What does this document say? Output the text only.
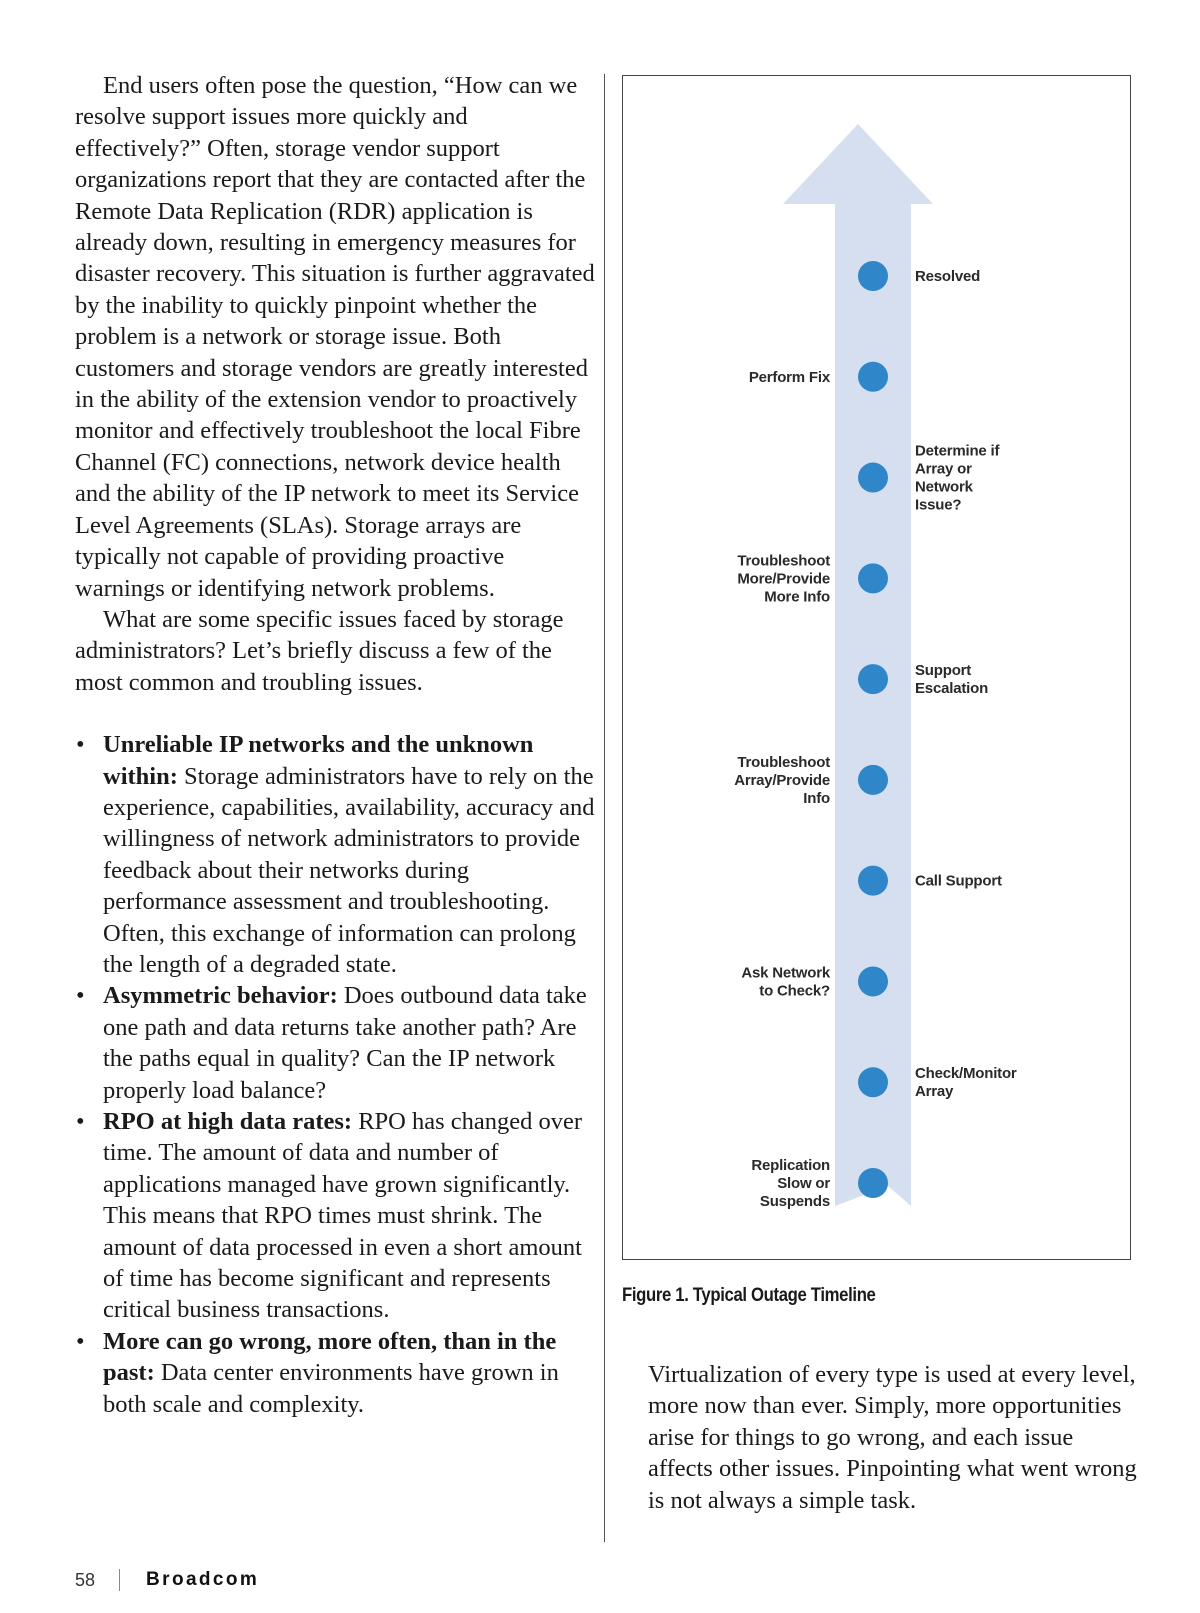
End users often pose the question, “How can we resolve support issues more quickly and effectively?” Often, storage vendor support organizations report that they are contacted after the Remote Data Replication (RDR) application is already down, resulting in emergency measures for disaster recovery. This situation is further aggravated by the inability to quickly pinpoint whether the problem is a network or storage issue. Both customers and storage vendors are greatly interested in the ability of the extension vendor to proactively monitor and effectively troubleshoot the local Fibre Channel (FC) connections, network device health and the ability of the IP network to meet its Service Level Agreements (SLAs). Storage arrays are typically not capable of providing proactive warnings or identifying network problems.

What are some specific issues faced by storage administrators? Let’s briefly discuss a few of the most common and troubling issues.

• Unreliable IP networks and the unknown within: Storage administrators have to rely on the experience, capabilities, availability, accuracy and willingness of network administrators to provide feedback about their networks during performance assessment and troubleshooting. Often, this exchange of information can prolong the length of a degraded state.
• Asymmetric behavior: Does outbound data take one path and data returns take another path? Are the paths equal in quality? Can the IP network properly load balance?
• RPO at high data rates: RPO has changed over time. The amount of data and number of applications managed have grown significantly. This means that RPO times must shrink. The amount of data processed in even a short amount of time has become significant and represents critical business transactions.
• More can go wrong, more often, than in the past: Data center environments have grown in both scale and complexity.
Resolved
Perform Fix
Determine if Array or Network Issue?
Troubleshoot More/Provide More Info
Support Escalation
Troubleshoot Array/Provide Info
Call Support
Ask Network to Check?
Check/Monitor Array
Replication Slow or Suspends
Figure 1. Typical Outage Timeline

Virtualization of every type is used at every level, more now than ever. Simply, more opportunities arise for things to go wrong, and each issue affects other issues. Pinpointing what went wrong is not always a simple task.

58	Broadcom
